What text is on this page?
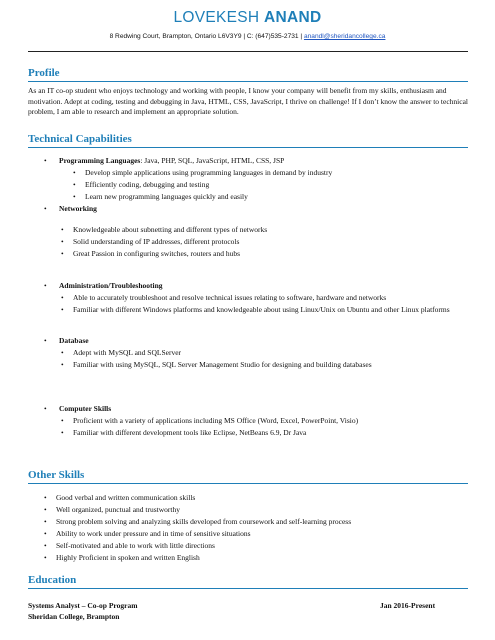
LOVEKESH ANAND
8 Redwing Court, Brampton, Ontario L6V3Y9 | C: (647)535-2731 | anandl@sheridancollege.ca
Profile

As an IT co-op student who enjoys technology and working with people, I know your company will benefit from my skills, enthusiasm and motivation. Adept at coding, testing and debugging in Java, HTML, CSS, JavaScript, I thrive on challenge! If I don’t know the answer to technical problem, I am able to research and implement an appropriate solution.

Technical Capabilities
• Programming Languages: Java, PHP, SQL, JavaScript, HTML, CSS, JSP
• Develop simple applications using programming languages in demand by industry
• Efficiently coding, debugging and testing
• Learn new programming languages quickly and easily
• Networking
• Knowledgeable about subnetting and different types of networks
• Solid understanding of IP addresses, different protocols
• Great Passion in configuring switches, routers and hubs
• Administration/Troubleshooting
• Able to accurately troubleshoot and resolve technical issues relating to software, hardware and networks
• Familiar with different Windows platforms and knowledgeable about using Linux/Unix on Ubuntu and other Linux platforms
• Database
• Adept with MySQL and SQLServer
• Familiar with using MySQL, SQL Server Management Studio for designing and building databases
• Computer Skills
• Proficient with a variety of applications including MS Office (Word, Excel, PowerPoint, Visio)
• Familiar with different development tools like Eclipse, NetBeans 6.9, Dr Java
Other Skills
• Good verbal and written communication skills
• Well organized, punctual and trustworthy
• Strong problem solving and analyzing skills developed from coursework and self-learning process
• Ability to work under pressure and in time of sensitive situations
• Self-motivated and able to work with little directions
• Highly Proficient in spoken and written English
Education
Systems Analyst – Co-op Program	Jan 2016-Present
Sheridan College, Brampton
